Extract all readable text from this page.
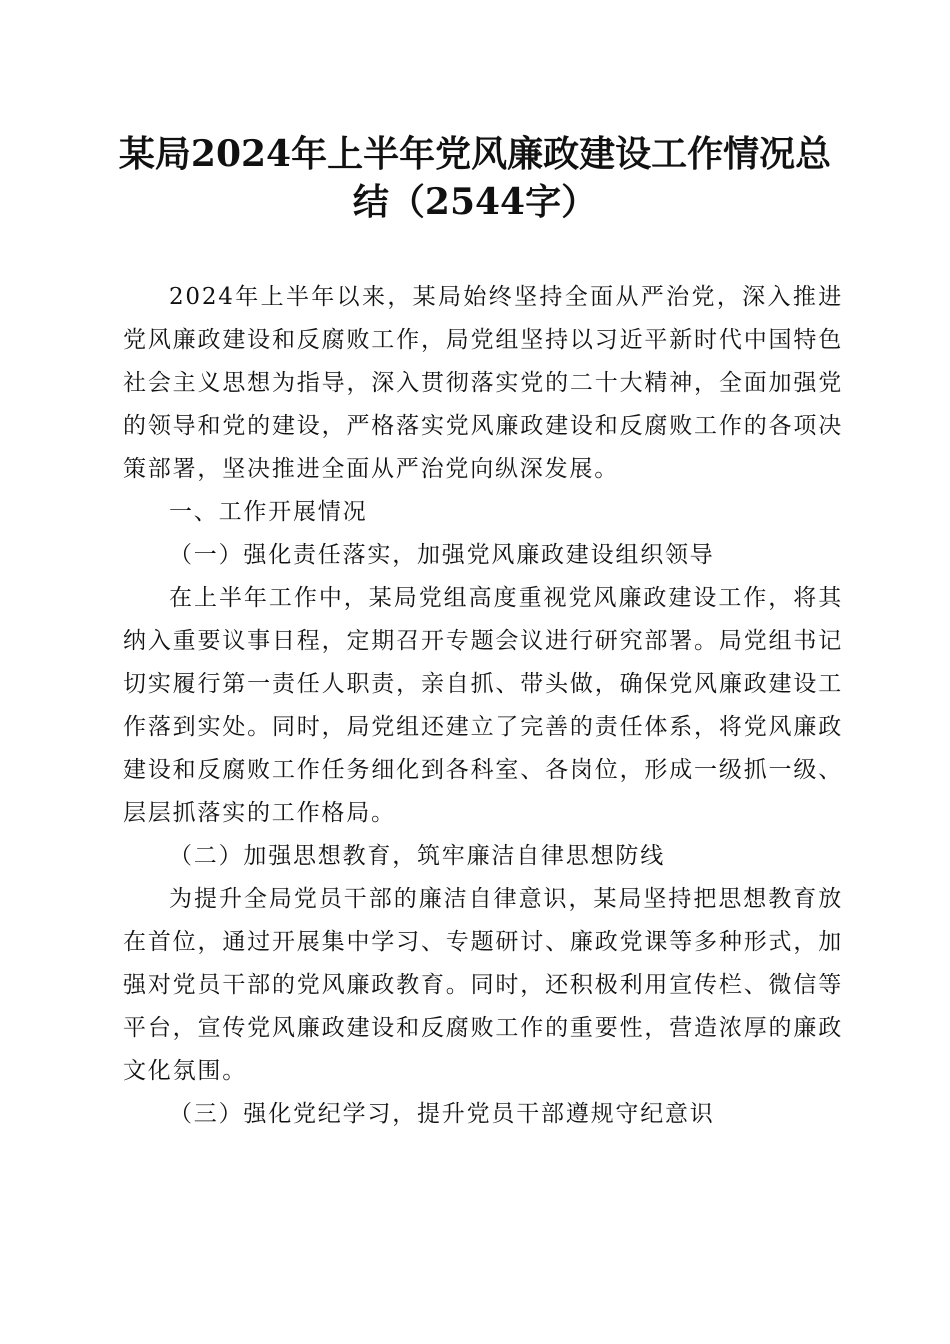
某局2024年上半年党风廉政建设工作情况总
结（2544字）

2024年上半年以来，某局始终坚持全面从严治党，深入推进党风廉政建设和反腐败工作，局党组坚持以习近平新时代中国特色社会主义思想为指导，深入贯彻落实党的二十大精神，全面加强党的领导和党的建设，严格落实党风廉政建设和反腐败工作的各项决策部署，坚决推进全面从严治党向纵深发展。

一、工作开展情况

（一）强化责任落实，加强党风廉政建设组织领导

在上半年工作中，某局党组高度重视党风廉政建设工作，将其纳入重要议事日程，定期召开专题会议进行研究部署。局党组书记切实履行第一责任人职责，亲自抓、带头做，确保党风廉政建设工作落到实处。同时，局党组还建立了完善的责任体系，将党风廉政建设和反腐败工作任务细化到各科室、各岗位，形成一级抓一级、层层抓落实的工作格局。

（二）加强思想教育，筑牢廉洁自律思想防线

为提升全局党员干部的廉洁自律意识，某局坚持把思想教育放在首位，通过开展集中学习、专题研讨、廉政党课等多种形式，加强对党员干部的党风廉政教育。同时，还积极利用宣传栏、微信等平台，宣传党风廉政建设和反腐败工作的重要性，营造浓厚的廉政文化氛围。

（三）强化党纪学习，提升党员干部遵规守纪意识
